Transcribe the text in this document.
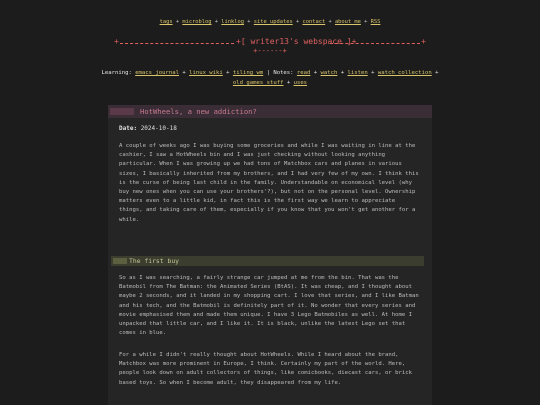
tags + microblog + linklog + site updates + contact + about me + RSS
+	+[ writer13's webspace ]+	+
+------+
Learning: emacs journal + linux wiki + tiling wm | Notes: read + watch + listen + watch collection + old games stuff + uses
HotWheels, a new addiction?
Date: 2024-10-18
A couple of weeks ago I was buying some groceries and while I was waiting in line at the cashier, I saw a HotWheels bin and I was just checking without looking anything particular. When I was growing up we had tons of Matchbox cars and planes in various sizes, I basically inherited from my brothers, and I had very few of my own. I think this is the curse of being last child in the family. Understandable on economical level (why buy new ones when you can use your brothers'?), but not on the personal level. Ownership matters even to a little kid, in fact this is the first way we learn to appreciate things, and taking care of them, especially if you know that you won't get another for a while.
The first buy
So as I was searching, a fairly strange car jumped at me from the bin. That was the Batmobil from The Batman: the Animated Series (BtAS). It was cheap, and I thought about maybe 2 seconds, and it landed in my shopping cart. I love that series, and I like Batman and his tech, and the Batmobil is definitely part of it. No wonder that every series and movie emphasised them and made them unique. I have 3 Lego Batmobiles as well. At home I unpacked that little car, and I like it. It is black, unlike the latest Lego set that comes in blue.
For a while I didn't really thought about HotWheels. While I heard about the brand, Matchbox was more prominent in Europe, I think. Certainly my part of the world. Here, people look down on adult collectors of things, like comicbooks, diecast cars, or brick based toys. So when I become adult, they disappeared from my life.
